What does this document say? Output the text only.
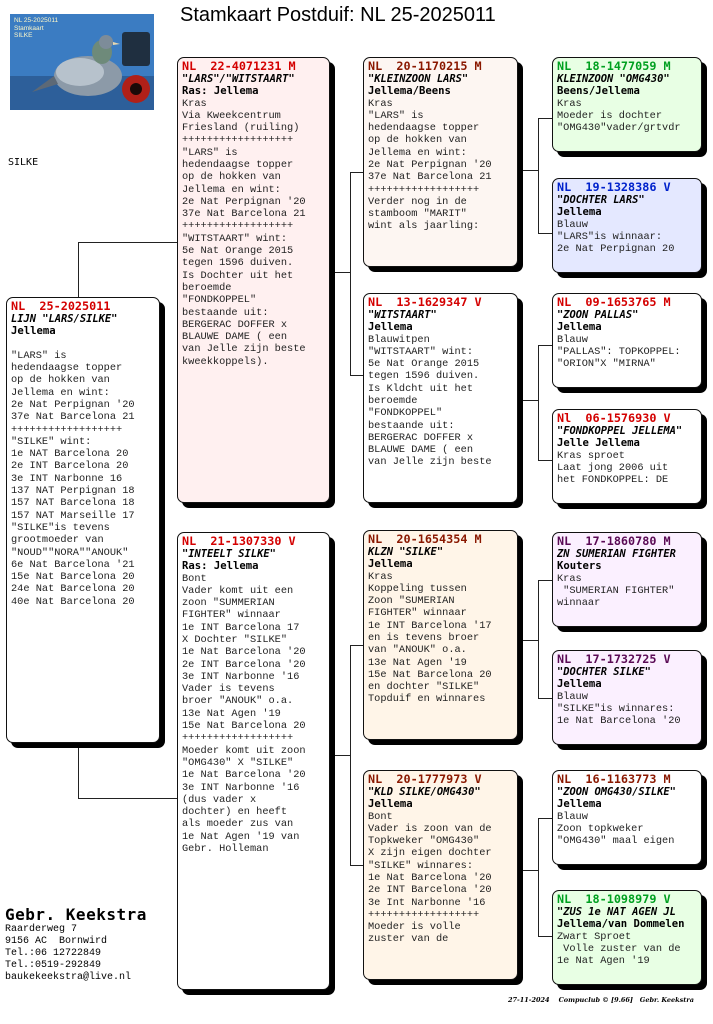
Stamkaart Postduif: NL 25-2025011
NL 25-2025011
Stamkaart
SILKE
SILKE
NL  25-2025011
LIJN "LARS/SILKE"
Jellema

"LARS" is
hedendaagse topper
op de hokken van
Jellema en wint:
2e Nat Perpignan '20
37e Nat Barcelona 21
++++++++++++++++++
"SILKE" wint:
1e NAT Barcelona 20
2e INT Barcelona 20
3e INT Narbonne 16
137 NAT Perpignan 18
157 NAT Barcelona 18
157 NAT Marseille 17
"SILKE"is tevens
grootmoeder van
"NOUD""NORA""ANOUK"
6e Nat Barcelona '21
15e Nat Barcelona 20
24e Nat Barcelona 20
40e Nat Barcelona 20
NL  22-4071231 M
"LARS"/"WITSTAART"
Ras: Jellema
Kras
Via Kweekcentrum
Friesland (ruiling)
++++++++++++++++++
"LARS" is
hedendaagse topper
op de hokken van
Jellema en wint:
2e Nat Perpignan '20
37e Nat Barcelona 21
++++++++++++++++++
"WITSTAART" wint:
5e Nat Orange 2015
tegen 1596 duiven.
Is Dochter uit het
beroemde
"FONDKOPPEL"
bestaande uit:
BERGERAC DOFFER x
BLAUWE DAME ( een
van Jelle zijn beste
kweekkoppels).
NL  21-1307330 V
"INTEELT SILKE"
Ras: Jellema
Bont
Vader komt uit een
zoon "SUMMERIAN
FIGHTER" winnaar
1e INT Barcelona 17
X Dochter "SILKE"
1e Nat Barcelona '20
2e INT Barcelona '20
3e INT Narbonne '16
Vader is tevens
broer "ANOUK" o.a.
13e Nat Agen '19
15e Nat Barcelona 20
++++++++++++++++++
Moeder komt uit zoon
"OMG430" X "SILKE"
1e Nat Barcelona '20
3e INT Narbonne '16
(dus vader x
dochter) en heeft
als moeder zus van
1e Nat Agen '19 van
Gebr. Holleman
NL  20-1170215 M
"KLEINZOON LARS"
Jellema/Beens
Kras
"LARS" is
hedendaagse topper
op de hokken van
Jellema en wint:
2e Nat Perpignan '20
37e Nat Barcelona 21
++++++++++++++++++
Verder nog in de
stamboom "MARIT"
wint als jaarling:
NL  13-1629347 V
"WITSTAART"
Jellema
Blauwitpen
"WITSTAART" wint:
5e Nat Orange 2015
tegen 1596 duiven.
Is Kldcht uit het
beroemde
"FONDKOPPEL"
bestaande uit:
BERGERAC DOFFER x
BLAUWE DAME ( een
van Jelle zijn beste
NL  20-1654354 M
KLZN "SILKE"
Jellema
Kras
Koppeling tussen
Zoon "SUMERIAN
FIGHTER" winnaar
1e INT Barcelona '17
en is tevens broer
van "ANOUK" o.a.
13e Nat Agen '19
15e Nat Barcelona 20
en dochter "SILKE"
Topduif en winnares
NL  20-1777973 V
"KLD SILKE/OMG430"
Jellema
Bont
Vader is zoon van de
Topkweker "OMG430"
X zijn eigen dochter
"SILKE" winnares:
1e Nat Barcelona '20
2e INT Barcelona '20
3e Int Narbonne '16
++++++++++++++++++
Moeder is volle
zuster van de
NL  18-1477059 M
KLEINZOON "OMG430"
Beens/Jellema
Kras
Moeder is dochter
"OMG430"vader/grtvdr
NL  19-1328386 V
"DOCHTER LARS"
Jellema
Blauw
"LARS"is winnaar:
2e Nat Perpignan 20
NL  09-1653765 M
"ZOON PALLAS"
Jellema
Blauw
"PALLAS": TOPKOPPEL:
"ORION"X "MIRNA"
Nl  06-1576930 V
"FONDKOPPEL JELLEMA"
Jelle Jellema
Kras sproet
Laat jong 2006 uit
het FONDKOPPEL: DE
NL  17-1860780 M
ZN SUMERIAN FIGHTER
Kouters
Kras
"SUMERIAN FIGHTER"
winnaar
NL  17-1732725 V
"DOCHTER SILKE"
Jellema
Blauw
"SILKE"is winnares:
1e Nat Barcelona '20
NL  16-1163773 M
"ZOON OMG430/SILKE"
Jellema
Blauw
Zoon topkweker
"OMG430" maal eigen
NL  18-1098979 V
"ZUS 1e NAT AGEN JL
Jellema/van Dommelen
Zwart Sproet
Volle zuster van de
1e Nat Agen '19
Gebr. Keekstra
Raarderweg 7
9156 AC  Bornwird
Tel.:06 12722849
Tel.:0519-292849
baukekeekstra@live.nl
27-11-2024    Compuclub © [9.66]   Gebr. Keekstra
